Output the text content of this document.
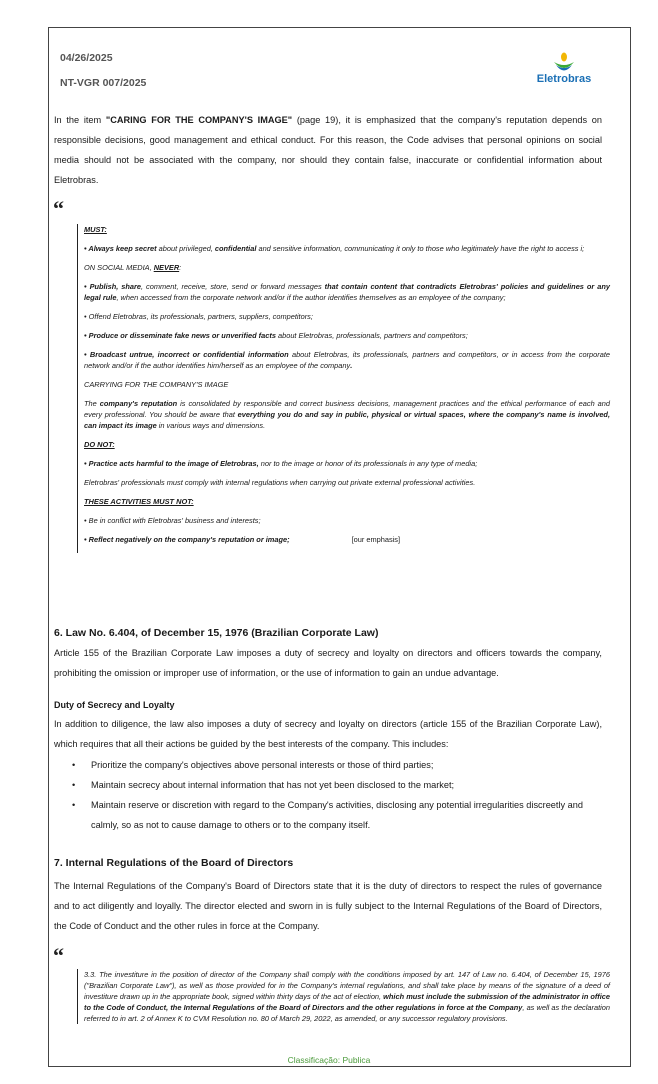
04/26/2025
NT-VGR 007/2025	Eletrobras
In the item "CARING FOR THE COMPANY'S IMAGE" (page 19), it is emphasized that the company's reputation depends on responsible decisions, good management and ethical conduct. For this reason, the Code advises that personal opinions on social media should not be associated with the company, nor should they contain false, inaccurate or confidential information about Eletrobras.
“

MUST:

• Always keep secret about privileged, confidential and sensitive information, communicating it only to those who legitimately have the right to access i;

ON SOCIAL MEDIA, NEVER:

• Publish, share, comment, receive, store, send or forward messages that contain content that contradicts Eletrobras' policies and guidelines or any legal rule, when accessed from the corporate network and/or if the author identifies themselves as an employee of the company;

• Offend Eletrobras, its professionals, partners, suppliers, competitors;

• Produce or disseminate fake news or unverified facts about Eletrobras, professionals, partners and competitors;

• Broadcast untrue, incorrect or confidential information about Eletrobras, its professionals, partners and competitors, or in access from the corporate network and/or if the author identifies him/herself as an employee of the company.

CARRYING FOR THE COMPANY'S IMAGE

The company's reputation is consolidated by responsible and correct business decisions, management practices and the ethical performance of each and every professional. You should be aware that everything you do and say in public, physical or virtual spaces, where the company's name is involved, can impact its image in various ways and dimensions.

DO NOT:

• Practice acts harmful to the image of Eletrobras, nor to the image or honor of its professionals in any type of media;

Eletrobras' professionals must comply with internal regulations when carrying out private external professional activities.

THESE ACTIVITIES MUST NOT:

• Be in conflict with Eletrobras' business and interests;

• Reflect negatively on the company's reputation or image;	[our emphasis]

6. Law No. 6.404, of December 15, 1976 (Brazilian Corporate Law)
Article 155 of the Brazilian Corporate Law imposes a duty of secrecy and loyalty on directors and officers towards the company, prohibiting the omission or improper use of information, or the use of information to gain an undue advantage.
Duty of Secrecy and Loyalty
In addition to diligence, the law also imposes a duty of secrecy and loyalty on directors (article 155 of the Brazilian Corporate Law), which requires that all their actions be guided by the best interests of the company. This includes:
• Prioritize the company's objectives above personal interests or those of third parties;
• Maintain secrecy about internal information that has not yet been disclosed to the market;
• Maintain reserve or discretion with regard to the Company's activities, disclosing any potential irregularities discreetly and calmly, so as not to cause damage to others or to the company itself.
7. Internal Regulations of the Board of Directors
The Internal Regulations of the Company's Board of Directors state that it is the duty of directors to respect the rules of governance and to act diligently and loyally. The director elected and sworn in is fully subject to the Internal Regulations of the Board of Directors, the Code of Conduct and the other rules in force at the Company.
“

3.3. The investiture in the position of director of the Company shall comply with the conditions imposed by art. 147 of Law no. 6.404, of December 15, 1976 ("Brazilian Corporate Law"), as well as those provided for in the Company's internal regulations, and shall take place by means of the signature of a deed of investiture drawn up in the appropriate book, signed within thirty days of the act of election, which must include the submission of the administrator in office to the Code of Conduct, the Internal Regulations of the Board of Directors and the other regulations in force at the Company, as well as the declaration referred to in art. 2 of Annex K to CVM Resolution no. 80 of March 29, 2022, as amended, or any successor regulatory provisions.

Classificação: Publica
